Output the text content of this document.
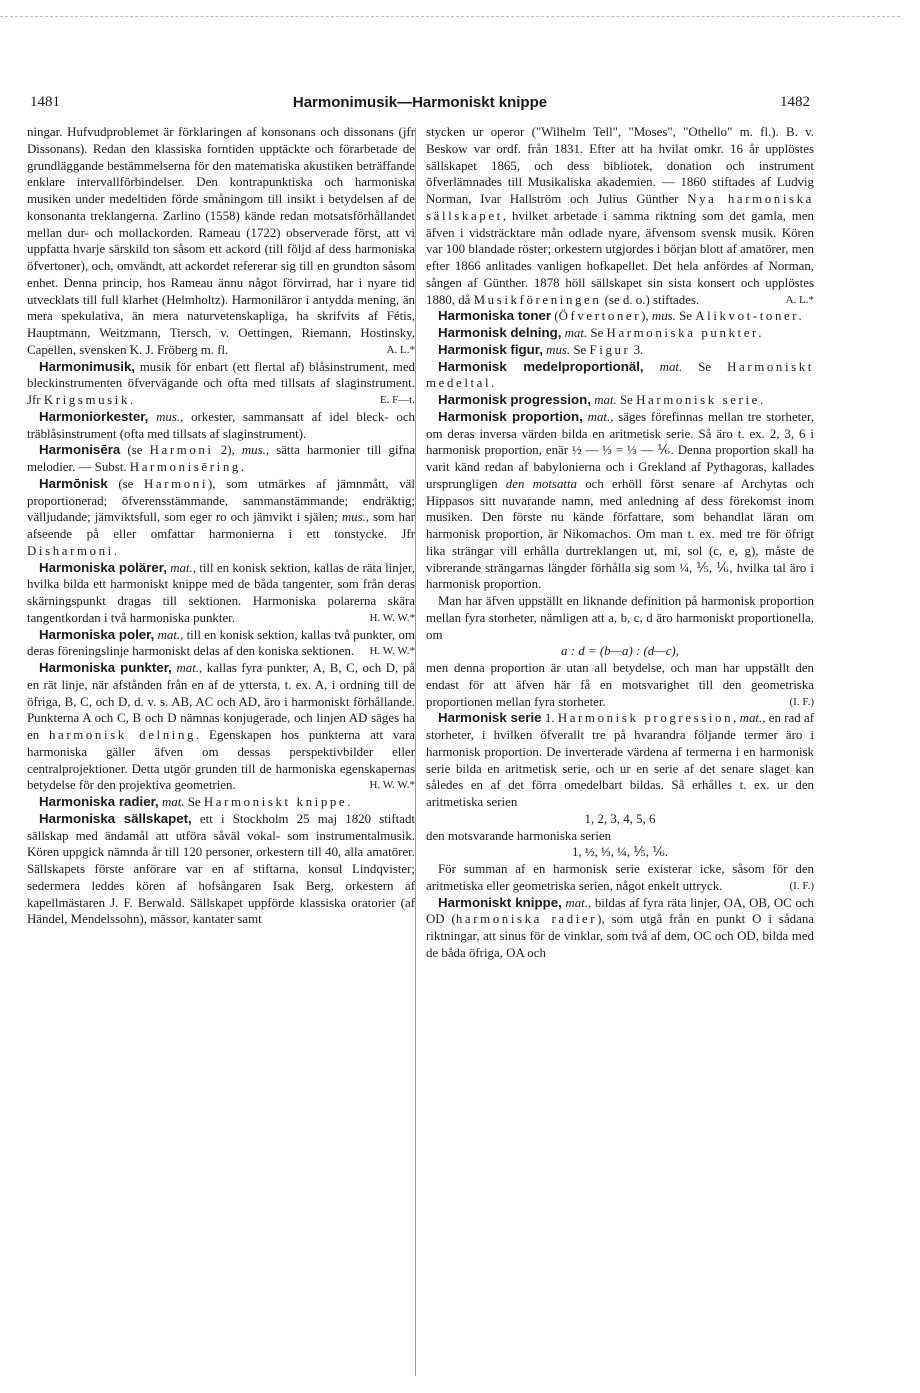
1481	Harmonimusik—Harmoniskt knippe	1482

ningar. Hufvudproblemet är förklaringen af konsonans och dissonans (jfr Dissonans). Redan den klassiska forntiden upptäckte och förarbetade de grundläggande bestämmelserna för den matematiska akustiken beträffande enklare intervallförbindelser. Den kontrapunktiska och harmoniska musiken under medeltiden förde småningom till insikt i betydelsen af de konsonanta treklangerna. Zarlino (1558) kände redan motsatsförhållandet mellan dur- och mollackorden. Rameau (1722) observerade först, att vi uppfatta hvarje särskild ton såsom ett ackord (till följd af dess harmoniska öfvertoner), och, omvändt, att ackordet refererar sig till en grundton såsom enhet. Denna princip, hos Rameau ännu något förvirrad, har i nyare tid utvecklats till full klarhet (Helmholtz). Harmoniläror i antydda mening, än mera spekulativa, än mera naturvetenskapliga, ha skrifvits af Fétis, Hauptmann, Weitzmann, Tiersch, v. Oettingen, Riemann, Hostinsky, Capellen, svensken K. J. Fröberg m. fl.	A. L.*

Harmonimusik, musik för enbart (ett flertal af) blåsinstrument, med bleckinstrumenten öfvervägande och ofta med tillsats af slaginstrument. Jfr Krigsmusik.	E. F—t.

Harmoniorkester, mus., orkester, sammansatt af idel bleck- och träblåsinstrument (ofta med tillsats af slaginstrument).

Harmonisēra (se Harmoni 2), mus., sätta harmonier till gifna melodier. — Subst. Harmonisēring.

Harmōnisk (se Harmoni), som utmärkes af jämnmått, väl proportionerad; öfverensstämmande, sammanstämmande; endräktig; välljudande; jämviktsfull, som eger ro och jämvikt i själen; mus., som har afseende på eller omfattar harmonierna i ett tonstycke. Jfr Disharmoni.

Harmoniska polärer, mat., till en konisk sektion, kallas de räta linjer, hvilka bilda ett harmoniskt knippe med de båda tangenter, som från deras skärningspunkt dragas till sektionen. Harmoniska polarerna skära tangentkordan i två harmoniska punkter.	H. W. W.*

Harmoniska poler, mat., till en konisk sektion, kallas två punkter, om deras föreningslinje harmoniskt delas af den koniska sektionen.	H. W. W.*

Harmoniska punkter, mat., kallas fyra punkter, A, B, C, och D, på en rät linje, när afstånden från en af de yttersta, t. ex. A, i ordning till de öfriga, B, C, och D, d. v. s. AB, AC och AD, äro i harmoniskt förhållande. Punkterna A och C, B och D nämnas konjugerade, och linjen AD säges ha en harmonisk delning. Egenskapen hos punkterna att vara harmoniska gäller äfven om dessas perspektivbilder eller centralprojektioner. Detta utgör grunden till de harmoniska egenskapernas betydelse för den projektiva geometrien.	H. W. W.*

Harmoniska radier, mat. Se Harmoniskt knippe.

Harmoniska sällskapet, ett i Stockholm 25 maj 1820 stiftadt sällskap med ändamål att utföra såväl vokal- som instrumentalmusik. Kören uppgick nämnda år till 120 personer, orkestern till 40, alla amatörer. Sällskapets förste anförare var en af stiftarna, konsul Lindqvister; sedermera leddes kören af hofsångaren Isak Berg, orkestern af kapellmästaren J. F. Berwald. Sällskapet uppförde klassiska oratorier (af Händel, Mendelssohn), mässor, kantater samt

stycken ur operor ("Wilhelm Tell", "Moses", "Othello" m. fl.). B. v. Beskow var ordf. från 1831. Efter att ha hvilat omkr. 16 år upplöstes sällskapet 1865, och dess bibliotek, donation och instrument öfverlämnades till Musikaliska akademien. — 1860 stiftades af Ludvig Norman, Ivar Hallström och Julius Günther Nya harmoniska sällskapet, hvilket arbetade i samma riktning som det gamla, men äfven i vidsträcktare mån odlade nyare, äfvensom svensk musik. Kören var 100 blandade röster; orkestern utgjordes i början blott af amatörer, men efter 1866 anlitades vanligen hofkapellet. Det hela anfördes af Norman, sången af Günther. 1878 höll sällskapet sin sista konsert och upplöstes 1880, då Musikföreningen (se d. o.) stiftades.	A. L.*

Harmoniska toner (Öfvertoner), mus. Se Alikvot-toner.

Harmonisk delning, mat. Se Harmoniska punkter.

Harmonisk figur, mus. Se Figur 3.

Harmonisk medelproportionäl, mat. Se Harmoniskt medeltal.

Harmonisk progression, mat. Se Harmonisk serie.

Harmonisk proportion, mat., säges förefinnas mellan tre storheter, om deras inversa värden bilda en aritmetisk serie. Så äro t. ex. 2, 3, 6 i harmonisk proportion, enär ½ — ⅓ = ⅓ — ⅙. Denna proportion skall ha varit känd redan af babylonierna och i Grekland af Pythagoras, kallades ursprungligen den motsatta och erhöll först senare af Archytas och Hippasos sitt nuvarande namn, med anledning af dess förekomst inom musiken. Den förste nu kände författare, som behandlat läran om harmonisk proportion, är Nikomachos. Om man t. ex. med tre för öfrigt lika strängar vill erhålla durtreklangen ut, mi, sol (c, e, g), måste de vibrerande strängarnas längder förhålla sig som ¼, ⅕, ⅙, hvilka tal äro i harmonisk proportion.

Man har äfven uppställt en liknande definition på harmonisk proportion mellan fyra storheter, nämligen att a, b, c, d äro harmoniskt proportionella, om

a : d = (b—a) : (d—c),

men denna proportion är utan all betydelse, och man har uppställt den endast för att äfven här få en motsvarighet till den geometriska proportionen mellan fyra storheter.	(I. F.)

Harmonisk serie 1. Harmonisk progression, mat., en rad af storheter, i hvilken öfverallt tre på hvarandra följande termer äro i harmonisk proportion. De inverterade värdena af termerna i en harmonisk serie bilda en aritmetisk serie, och ur en serie af det senare slaget kan således en af det förra omedelbart bildas. Så erhålles t. ex. ur den aritmetiska serien

1, 2, 3, 4, 5, 6

den motsvarande harmoniska serien

1, ½, ⅓, ¼, ⅕, ⅙.

För summan af en harmonisk serie existerar icke, såsom för den aritmetiska eller geometriska serien, något enkelt uttryck.	(I. F.)

Harmoniskt knippe, mat., bildas af fyra räta linjer, OA, OB, OC och OD (harmoniska radier), som utgå från en punkt O i sådana riktningar, att sinus för de vinklar, som två af dem, OC och OD, bilda med de båda öfriga, OA och
